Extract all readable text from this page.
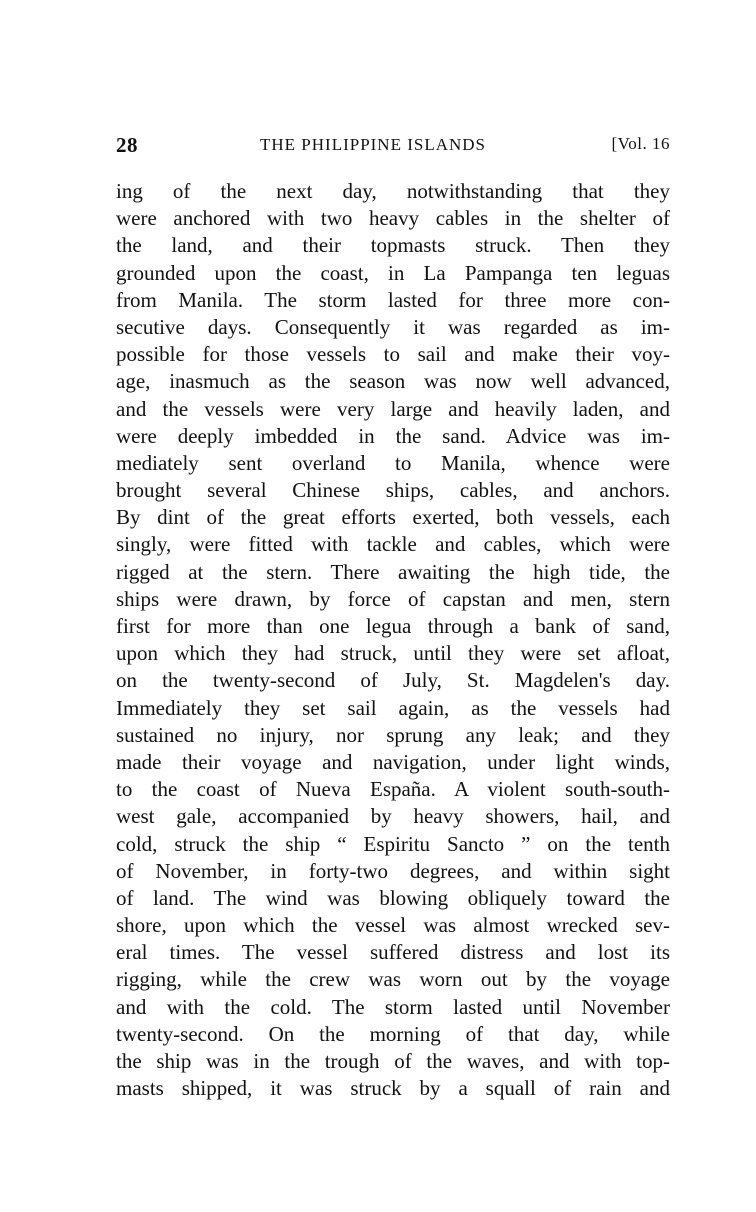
28	THE PHILIPPINE ISLANDS	[Vol. 16
ing of the next day, notwithstanding that they
were anchored with two heavy cables in the shelter of
the land, and their topmasts struck. Then they
grounded upon the coast, in La Pampanga ten leguas
from Manila. The storm lasted for three more con-
secutive days. Consequently it was regarded as im-
possible for those vessels to sail and make their voy-
age, inasmuch as the season was now well advanced,
and the vessels were very large and heavily laden, and
were deeply imbedded in the sand. Advice was im-
mediately sent overland to Manila, whence were
brought several Chinese ships, cables, and anchors.
By dint of the great efforts exerted, both vessels, each
singly, were fitted with tackle and cables, which were
rigged at the stern. There awaiting the high tide, the
ships were drawn, by force of capstan and men, stern
first for more than one legua through a bank of sand,
upon which they had struck, until they were set afloat,
on the twenty-second of July, St. Magdelen's day.
Immediately they set sail again, as the vessels had
sustained no injury, nor sprung any leak; and they
made their voyage and navigation, under light winds,
to the coast of Nueva España. A violent south-south-
west gale, accompanied by heavy showers, hail, and
cold, struck the ship “ Espiritu Sancto ” on the tenth
of November, in forty-two degrees, and within sight
of land. The wind was blowing obliquely toward the
shore, upon which the vessel was almost wrecked sev-
eral times. The vessel suffered distress and lost its
rigging, while the crew was worn out by the voyage
and with the cold. The storm lasted until November
twenty-second. On the morning of that day, while
the ship was in the trough of the waves, and with top-
masts shipped, it was struck by a squall of rain and
